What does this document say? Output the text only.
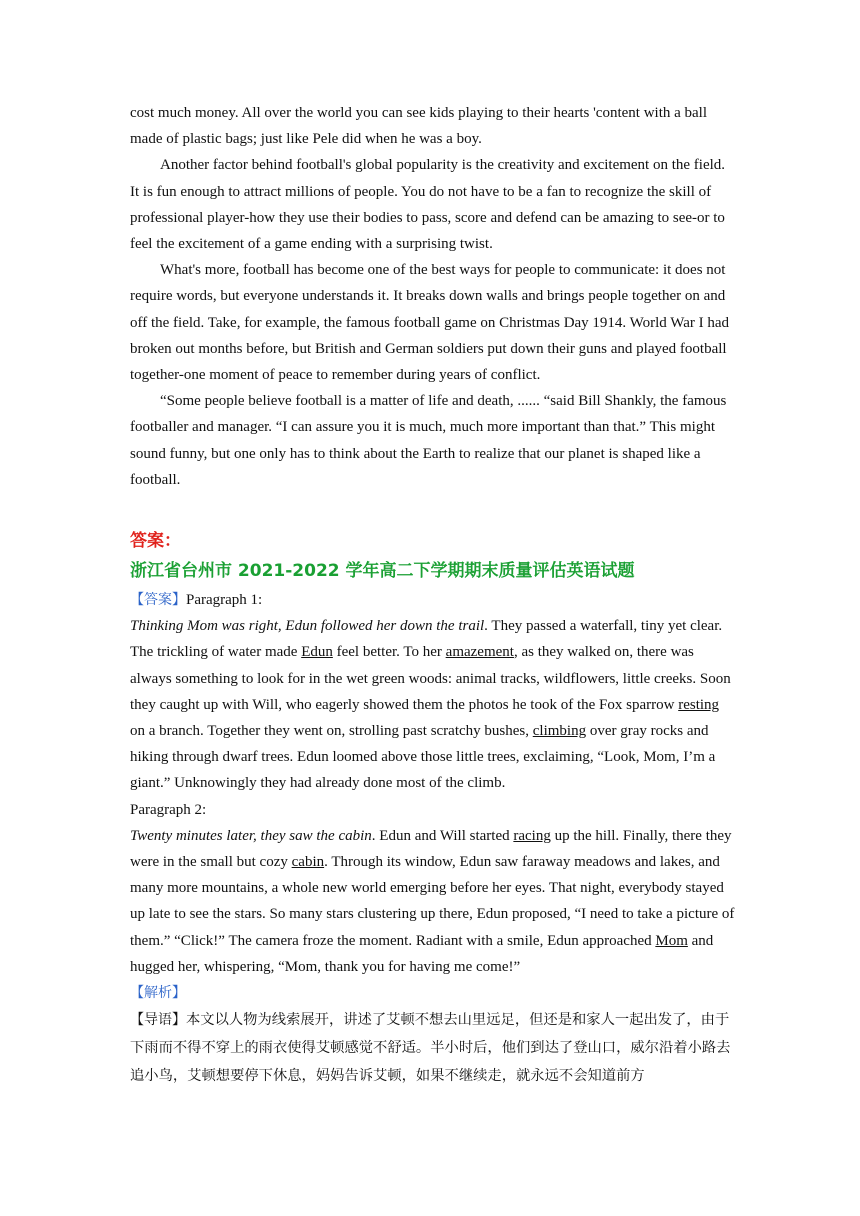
cost much money. All over the world you can see kids playing to their hearts 'content with a ball made of plastic bags; just like Pele did when he was a boy.

Another factor behind football's global popularity is the creativity and excitement on the field. It is fun enough to attract millions of people. You do not have to be a fan to recognize the skill of professional player-how they use their bodies to pass, score and defend can be amazing to see-or to feel the excitement of a game ending with a surprising twist.

What's more, football has become one of the best ways for people to communicate: it does not require words, but everyone understands it. It breaks down walls and brings people together on and off the field. Take, for example, the famous football game on Christmas Day 1914. World War I had broken out months before, but British and German soldiers put down their guns and played football together-one moment of peace to remember during years of conflict.

“Some people believe football is a matter of life and death, ...... “said Bill Shankly, the famous footballer and manager. “I can assure you it is much, much more important than that.” This might sound funny, but one only has to think about the Earth to realize that our planet is shaped like a football.

答案：
浙江省台州市 2021-2022 学年高二下学期期末质量评估英语试题

【答案】Paragraph 1:

Thinking Mom was right, Edun followed her down the trail. They passed a waterfall, tiny yet clear. The trickling of water made Edun feel better. To her amazement, as they walked on, there was always something to look for in the wet green woods: animal tracks, wildflowers, little creeks. Soon they caught up with Will, who eagerly showed them the photos he took of the Fox sparrow resting on a branch. Together they went on, strolling past scratchy bushes, climbing over gray rocks and hiking through dwarf trees. Edun loomed above those little trees, exclaiming, “Look, Mom, I’m a giant.” Unknowingly they had already done most of the climb.

Paragraph 2:

Twenty minutes later, they saw the cabin. Edun and Will started racing up the hill. Finally, there they were in the small but cozy cabin. Through its window, Edun saw faraway meadows and lakes, and many more mountains, a whole new world emerging before her eyes. That night, everybody stayed up late to see the stars. So many stars clustering up there, Edun proposed, “I need to take a picture of them.” “Click!” The camera froze the moment. Radiant with a smile, Edun approached Mom and hugged her, whispering, “Mom, thank you for having me come!”

【解析】

【导语】本文以人物为线索展开，讲述了艾顿不想去山里远足，但还是和家人一起出发了，由于下雨而不得不穿上的雨衣使得艾顿感觉不舒适。半小时后，他们到达了登山口，威尔沿着小路去追小鸟，艾顿想要停下休息，妈妈告诉艾顿，如果不继续走，就永远不会知道前方
